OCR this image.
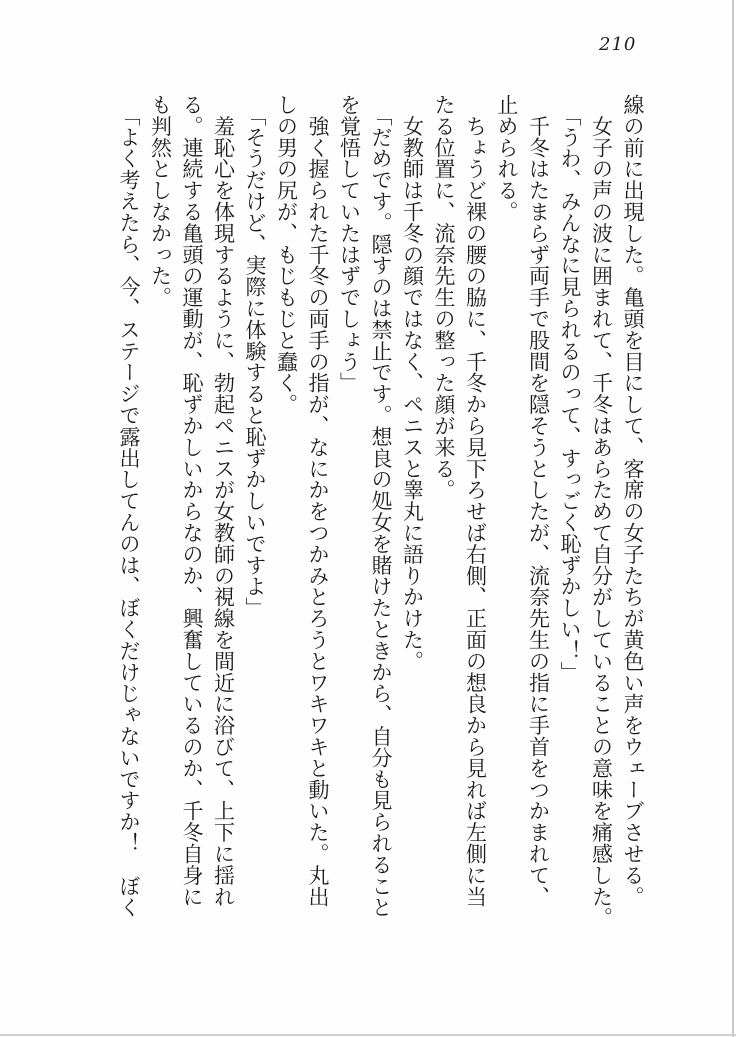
210

線の前に出現した。亀頭を目にして、客席の女子たちが黄色い声をウェーブさせる。

　女子の声の波に囲まれて、千冬はあらためて自分がしていることの意味を痛感した。

　「うわ、みんなに見られるのって、すっごく恥ずかしい！」

　千冬はたまらず両手で股間を隠そうとしたが、流奈先生の指に手首をつかまれて、

止められる。

　ちょうど裸の腰の脇に、千冬から見下ろせば右側、正面の想良から見れば左側に当

たる位置に、流奈先生の整った顔が来る。

　女教師は千冬の顔ではなく、ペニスと睾丸に語りかけた。

　「だめです。隠すのは禁止です。想良の処女を賭けたときから、自分も見られること

を覚悟していたはずでしょう」

　強く握られた千冬の両手の指が、なにかをつかみとろうとワキワキと動いた。丸出

しの男の尻が、もじもじと蠢く。

　「そうだけど、実際に体験すると恥ずかしいですよ」

　羞恥心を体現するように、勃起ペニスが女教師の視線を間近に浴びて、上下に揺れ

る。連続する亀頭の運動が、恥ずかしいからなのか、興奮しているのか、千冬自身に

も判然としなかった。

　「よく考えたら、今、ステージで露出してんのは、ぼくだけじゃないですか！　ぼく
